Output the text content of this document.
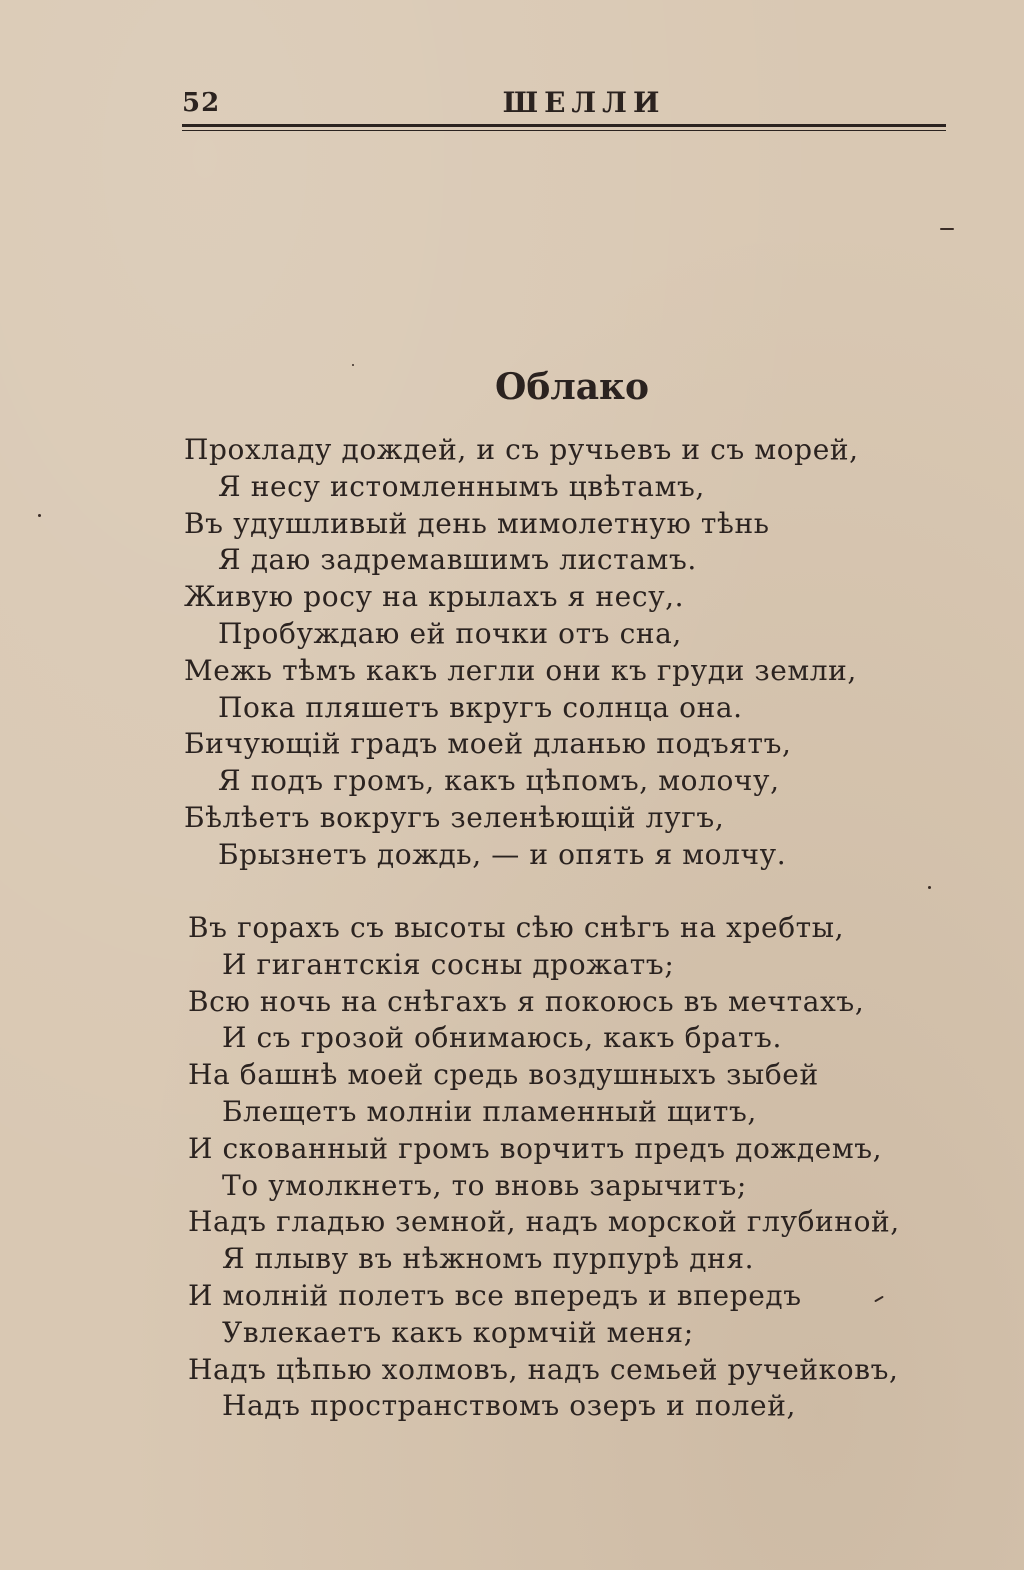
52	ШЕЛЛИ
Облако
Прохладу дождей, и съ ручьевъ и съ морей,
Я несу истомленнымъ цвѣтамъ,
Въ удушливый день мимолетную тѣнь
Я даю задремавшимъ листамъ.
Живую росу на крылахъ я несу,.
Пробуждаю ей почки отъ сна,
Межь тѣмъ какъ легли они къ груди земли,
Пока пляшетъ вкругъ солнца она.
Бичующій градъ моей дланью подъятъ,
Я подъ громъ, какъ цѣпомъ, молочу,
Бѣлѣетъ вокругъ зеленѣющій лугъ,
Брызнетъ дождь, — и опять я молчу.
Въ горахъ съ высоты сѣю снѣгъ на хребты,
И гигантскія сосны дрожатъ;
Всю ночь на снѣгахъ я покоюсь въ мечтахъ,
И съ грозой обнимаюсь, какъ братъ.
На башнѣ моей средь воздушныхъ зыбей
Блещетъ молніи пламенный щитъ,
И скованный громъ ворчитъ предъ дождемъ,
То умолкнетъ, то вновь зарычитъ;
Надъ гладью земной, надъ морской глубиной,
Я плыву въ нѣжномъ пурпурѣ дня.
И молній полетъ все впередъ и впередъ
Увлекаетъ какъ кормчій меня;
Надъ цѣпью холмовъ, надъ семьей ручейковъ,
Надъ пространствомъ озеръ и полей,
